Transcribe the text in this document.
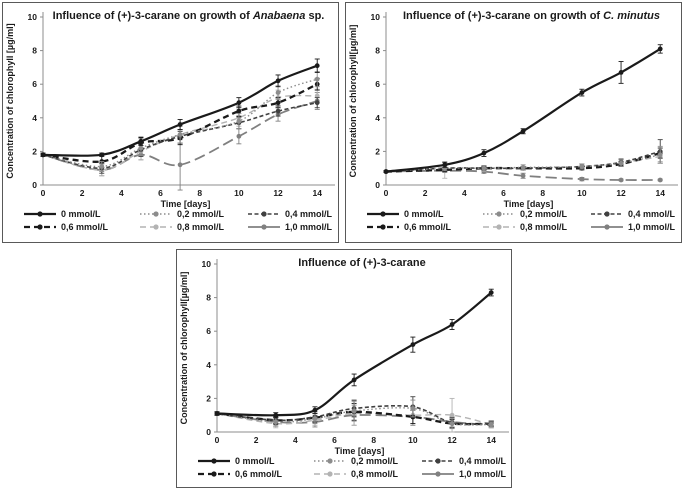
Influence of (+)-3-carane on growth of Anabaena sp.
0
2
4
6
8
10
0	2	4	6	8	10	12	14
Time [days]
Concentration of chlorophyll [µg/ml]
0 mmol/L	0,2 mmol/L	0,4 mmol/L
0,6 mmol/L	0,8 mmol/L	1,0 mmol/L
Influence of (+)-3-carane on growth of C. minutus
0
2
4
6
8
10
0	2	4	6	8	10	12	14
Time [days]
Concentration of chlorophyll[µg/ml]
0 mmol/L	0,2 mmol/L	0,4 mmol/L
0,6 mmol/L	0,8 mmol/L	1,0 mmol/L
Influence of (+)-3-carane
0
2
4
6
8
10
0	2	4	6	8	10	12	14
Time [days]
Concentration of chlorophyll[µg/ml]
0 mmol/L	0,2 mmol/L	0,4 mmol/L
0,6 mmol/L	0,8 mmol/L	1,0 mmol/L
